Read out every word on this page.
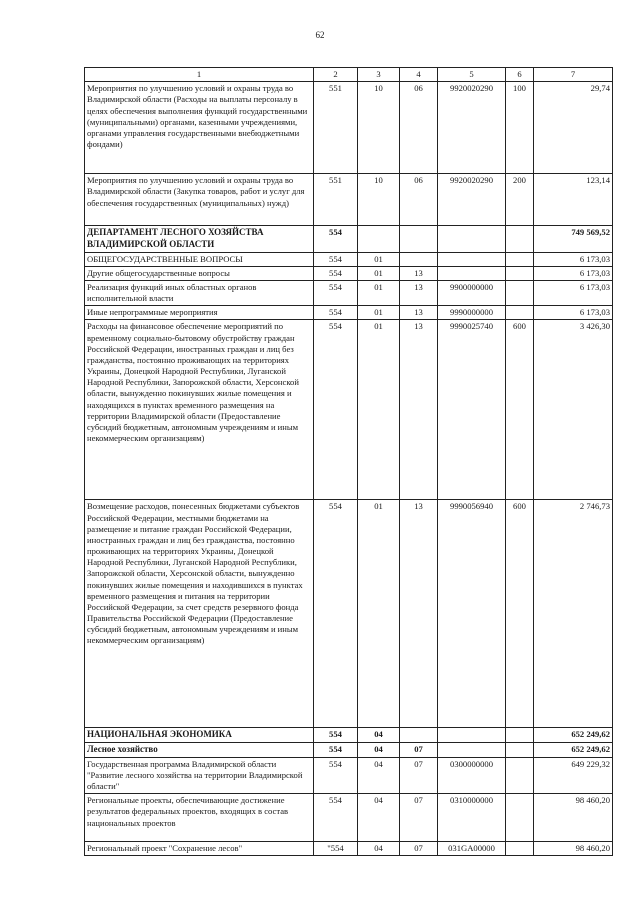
62
1	2	3	4	5	6	7
Мероприятия по улучшению условий и охраны труда во Владимирской области (Расходы на выплаты персоналу в целях обеспечения выполнения функций государственными (муниципальными) органами, казенными учреждениями, органами управления государственными внебюджетными фондами)	551	10	06	9920020290	100	29,74
Мероприятия по улучшению условий и охраны труда во Владимирской области (Закупка товаров, работ и услуг для обеспечения государственных (муниципальных) нужд)	551	10	06	9920020290	200	123,14
ДЕПАРТАМЕНТ ЛЕСНОГО ХОЗЯЙСТВА ВЛАДИМИРСКОЙ ОБЛАСТИ	554					749 569,52
ОБЩЕГОСУДАРСТВЕННЫЕ ВОПРОСЫ	554	01				6 173,03
Другие общегосударственные вопросы	554	01	13			6 173,03
Реализация функций иных областных органов исполнительной власти	554	01	13	9900000000		6 173,03
Иные непрограммные мероприятия	554	01	13	9990000000		6 173,03
Расходы на финансовое обеспечение мероприятий по временному социально-бытовому обустройству граждан Российской Федерации, иностранных граждан и лиц без гражданства, постоянно проживающих на территориях Украины, Донецкой Народной Республики, Луганской Народной Республики, Запорожской области, Херсонской области, вынужденно покинувших жилые помещения и находящихся в пунктах временного размещения на территории Владимирской области (Предоставление субсидий бюджетным, автономным учреждениям и иным некоммерческим организациям)	554	01	13	9990025740	600	3 426,30
Возмещение расходов, понесенных бюджетами субъектов Российской Федерации, местными бюджетами на размещение и питание граждан Российской Федерации, иностранных граждан и лиц без гражданства, постоянно проживающих на территориях Украины, Донецкой Народной Республики, Луганской Народной Республики, Запорожской области, Херсонской области, вынужденно покинувших жилые помещения и находившихся в пунктах временного размещения и питания на территории Российской Федерации, за счет средств резервного фонда Правительства Российской Федерации (Предоставление субсидий бюджетным, автономным учреждениям и иным некоммерческим организациям)	554	01	13	9990056940	600	2 746,73
НАЦИОНАЛЬНАЯ ЭКОНОМИКА	554	04				652 249,62
Лесное хозяйство	554	04	07			652 249,62
Государственная программа Владимирской области "Развитие лесного хозяйства на территории Владимирской области"	554	04	07	0300000000		649 229,32
Региональные проекты, обеспечивающие достижение результатов федеральных проектов, входящих в состав национальных проектов	554	04	07	0310000000		98 460,20
Региональный проект "Сохранение лесов"	"554	04	07	031GA00000		98 460,20
